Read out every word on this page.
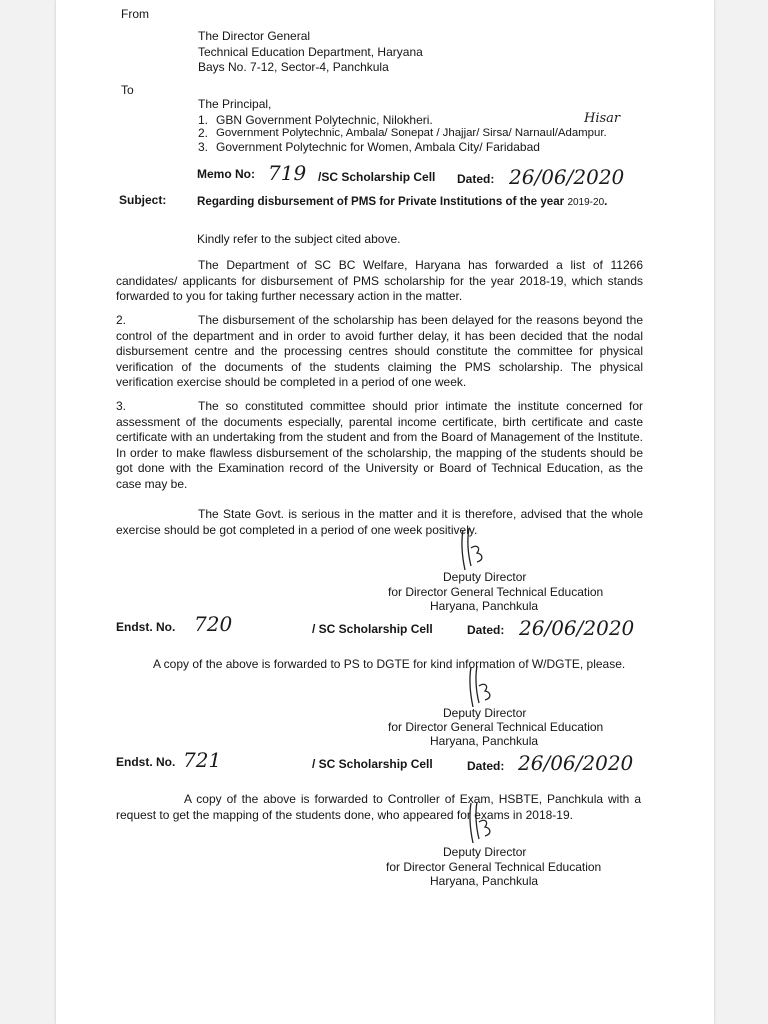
From
The Director General
Technical Education Department, Haryana
Bays No. 7-12, Sector-4, Panchkula
To
The Principal,
1. GBN Government Polytechnic, Nilokheri.
2. Government Polytechnic, Ambala/ Sonepat / Jhajjar/ Sirsa/ Narnaul/Adampur.
3. Government Polytechnic for Women, Ambala City/ Faridabad
Hisar
Memo No: 719 /SC Scholarship Cell Dated: 26/06/2020
Subject:	Regarding disbursement of PMS for Private Institutions of the year 2019-20.
Kindly refer to the subject cited above.
The Department of SC BC Welfare, Haryana has forwarded a list of 11266 candidates/ applicants for disbursement of PMS scholarship for the year 2018-19, which stands forwarded to you for taking further necessary action in the matter.
2.	The disbursement of the scholarship has been delayed for the reasons beyond the control of the department and in order to avoid further delay, it has been decided that the nodal disbursement centre and the processing centres should constitute the committee for physical verification of the documents of the students claiming the PMS scholarship. The physical verification exercise should be completed in a period of one week.
3.	The so constituted committee should prior intimate the institute concerned for assessment of the documents especially, parental income certificate, birth certificate and caste certificate with an undertaking from the student and from the Board of Management of the Institute. In order to make flawless disbursement of the scholarship, the mapping of the students should be got done with the Examination record of the University or Board of Technical Education, as the case may be.
The State Govt. is serious in the matter and it is therefore, advised that the whole exercise should be got completed in a period of one week positively.
Deputy Director
for Director General Technical Education
Haryana, Panchkula
Endst. No. 720	/ SC Scholarship Cell	Dated: 26/06/2020
A copy of the above is forwarded to PS to DGTE for kind information of W/DGTE, please.
Deputy Director
for Director General Technical Education
Haryana, Panchkula
Endst. No. 721	/ SC Scholarship Cell	Dated: 26/06/2020
A copy of the above is forwarded to Controller of Exam, HSBTE, Panchkula with a request to get the mapping of the students done, who appeared for exams in 2018-19.
Deputy Director
for Director General Technical Education
Haryana, Panchkula
